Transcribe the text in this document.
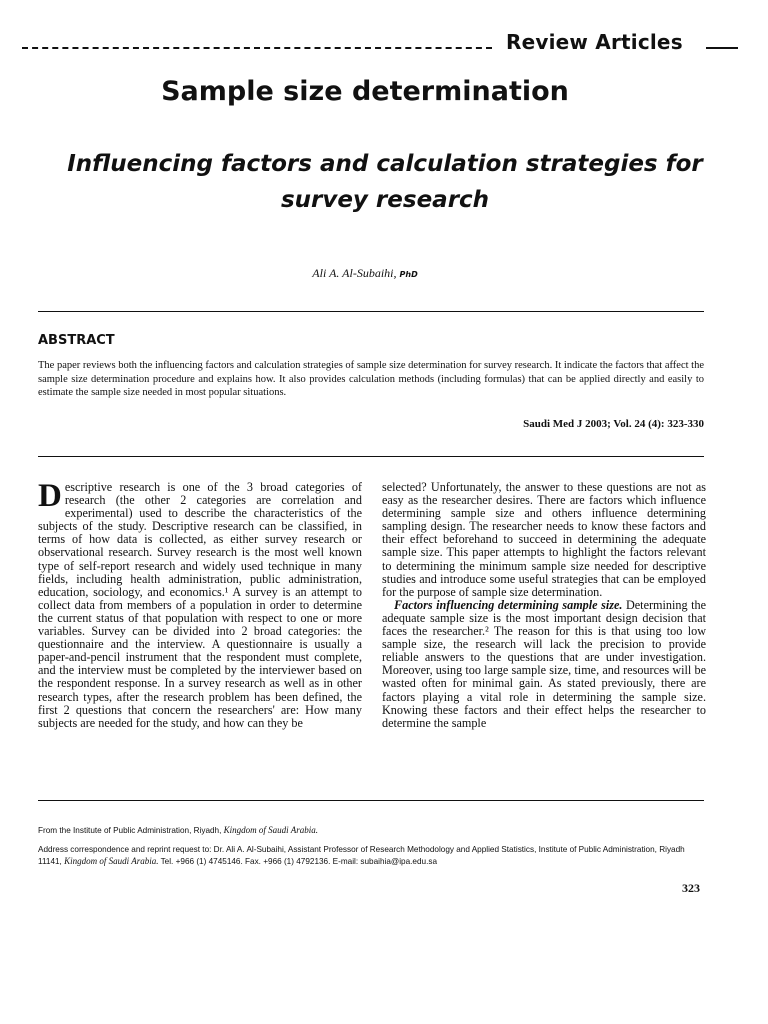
Review Articles
Sample size determination
Influencing factors and calculation strategies for survey research
Ali A. Al-Subaihi, PhD
ABSTRACT
The paper reviews both the influencing factors and calculation strategies of sample size determination for survey research. It indicate the factors that affect the sample size determination procedure and explains how. It also provides calculation methods (including formulas) that can be applied directly and easily to estimate the sample size needed in most popular situations.
Saudi Med J 2003; Vol. 24 (4): 323-330

Descriptive research is one of the 3 broad categories of research (the other 2 categories are correlation and experimental) used to describe the characteristics of the subjects of the study. Descriptive research can be classified, in terms of how data is collected, as either survey research or observational research. Survey research is the most well known type of self-report research and widely used technique in many fields, including health administration, public administration, education, sociology, and economics.¹ A survey is an attempt to collect data from members of a population in order to determine the current status of that population with respect to one or more variables. Survey can be divided into 2 broad categories: the questionnaire and the interview. A questionnaire is usually a paper-and-pencil instrument that the respondent must complete, and the interview must be completed by the interviewer based on the respondent response. In a survey research as well as in other research types, after the research problem has been defined, the first 2 questions that concern the researchers' are: How many subjects are needed for the study, and how can they be

selected? Unfortunately, the answer to these questions are not as easy as the researcher desires. There are factors which influence determining sample size and others influence determining sampling design. The researcher needs to know these factors and their effect beforehand to succeed in determining the adequate sample size. This paper attempts to highlight the factors relevant to determining the minimum sample size needed for descriptive studies and introduce some useful strategies that can be employed for the purpose of sample size determination.

Factors influencing determining sample size. Determining the adequate sample size is the most important design decision that faces the researcher.² The reason for this is that using too low sample size, the research will lack the precision to provide reliable answers to the questions that are under investigation. Moreover, using too large sample size, time, and resources will be wasted often for minimal gain. As stated previously, there are factors playing a vital role in determining the sample size. Knowing these factors and their effect helps the researcher to determine the sample

From the Institute of Public Administration, Riyadh, Kingdom of Saudi Arabia.
Address correspondence and reprint request to: Dr. Ali A. Al-Subaihi, Assistant Professor of Research Methodology and Applied Statistics, Institute of Public Administration, Riyadh 11141, Kingdom of Saudi Arabia. Tel. +966 (1) 4745146. Fax. +966 (1) 4792136. E-mail: subaihia@ipa.edu.sa
323
